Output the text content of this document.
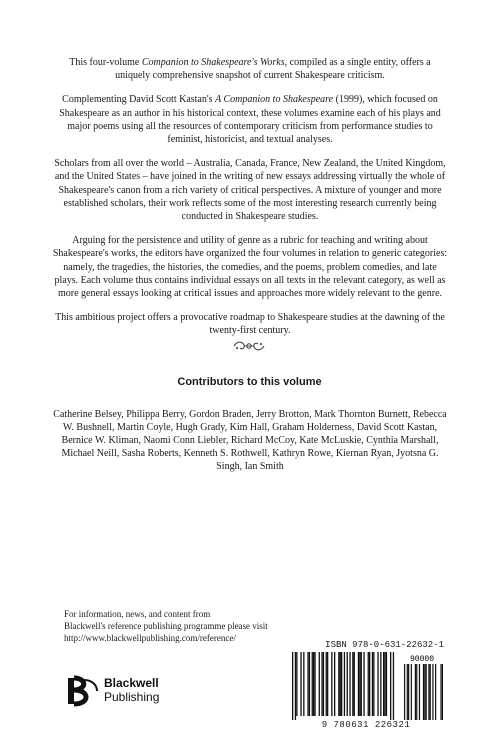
This four-volume Companion to Shakespeare's Works, compiled as a single entity, offers a uniquely comprehensive snapshot of current Shakespeare criticism.

Complementing David Scott Kastan's A Companion to Shakespeare (1999), which focused on Shakespeare as an author in his historical context, these volumes examine each of his plays and major poems using all the resources of contemporary criticism from performance studies to feminist, historicist, and textual analyses.

Scholars from all over the world – Australia, Canada, France, New Zealand, the United Kingdom, and the United States – have joined in the writing of new essays addressing virtually the whole of Shakespeare's canon from a rich variety of critical perspectives. A mixture of younger and more established scholars, their work reflects some of the most interesting research currently being conducted in Shakespeare studies.

Arguing for the persistence and utility of genre as a rubric for teaching and writing about Shakespeare's works, the editors have organized the four volumes in relation to generic categories: namely, the tragedies, the histories, the comedies, and the poems, problem comedies, and late plays. Each volume thus contains individual essays on all texts in the relevant category, as well as more general essays looking at critical issues and approaches more widely relevant to the genre.

This ambitious project offers a provocative roadmap to Shakespeare studies at the dawning of the twenty-first century.

Contributors to this volume
Catherine Belsey, Philippa Berry, Gordon Braden, Jerry Brotton, Mark Thornton Burnett, Rebecca W. Bushnell, Martin Coyle, Hugh Grady, Kim Hall, Graham Holderness, David Scott Kastan, Bernice W. Kliman, Naomi Conn Liebler, Richard McCoy, Kate McLuskie, Cynthia Marshall, Michael Neill, Sasha Roberts, Kenneth S. Rothwell, Kathryn Rowe, Kiernan Ryan, Jyotsna G. Singh, Ian Smith
For information, news, and content from
Blackwell's reference publishing programme please visit
http://www.blackwellpublishing.com/reference/
Blackwell
Publishing
ISBN 978-0-631-22632-1
90000
9 780631 226321
